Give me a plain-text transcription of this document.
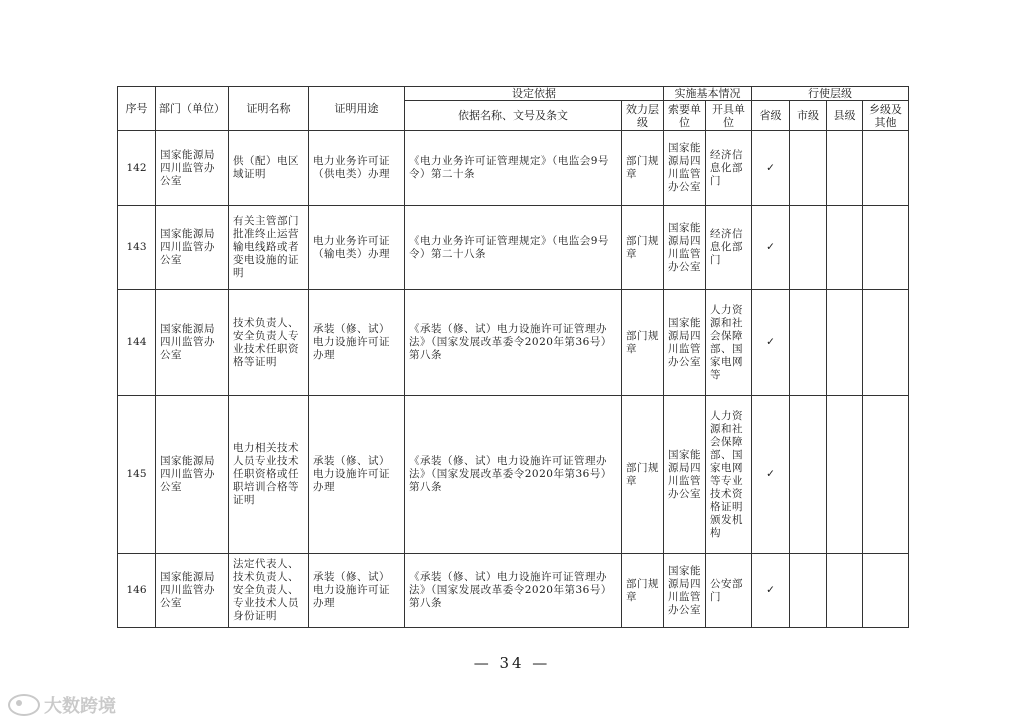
序号	部门（单位）	证明名称	证明用途	设定依据		实施基本情况		行使层级			
				依据名称、文号及条文	效力层级	索要单位	开具单位	省级	市级	县级	乡级及其他
142	国家能源局四川监管办公室	供（配）电区域证明	电力业务许可证（供电类）办理	《电力业务许可证管理规定》（电监会9号令）第二十条	部门规章	国家能源局四川监管办公室	经济信息化部门	✓			
143	国家能源局四川监管办公室	有关主管部门批准终止运营输电线路或者变电设施的证明	电力业务许可证（输电类）办理	《电力业务许可证管理规定》（电监会9号令）第二十八条	部门规章	国家能源局四川监管办公室	经济信息化部门	✓			
144	国家能源局四川监管办公室	技术负责人、安全负责人专业技术任职资格等证明	承装（修、试）电力设施许可证办理	《承装（修、试）电力设施许可证管理办法》（国家发展改革委令2020年第36号）第八条	部门规章	国家能源局四川监管办公室	人力资源和社会保障部、国家电网等	✓			
145	国家能源局四川监管办公室	电力相关技术人员专业技术任职资格或任职培训合格等证明	承装（修、试）电力设施许可证办理	《承装（修、试）电力设施许可证管理办法》（国家发展改革委令2020年第36号）第八条	部门规章	国家能源局四川监管办公室	人力资源和社会保障部、国家电网等专业技术资格证明颁发机构	✓			
146	国家能源局四川监管办公室	法定代表人、技术负责人、安全负责人、专业技术人员身份证明	承装（修、试）电力设施许可证办理	《承装（修、试）电力设施许可证管理办法》（国家发展改革委令2020年第36号）第八条	部门规章	国家能源局四川监管办公室	公安部门	✓			
— 34 —
大数跨境
